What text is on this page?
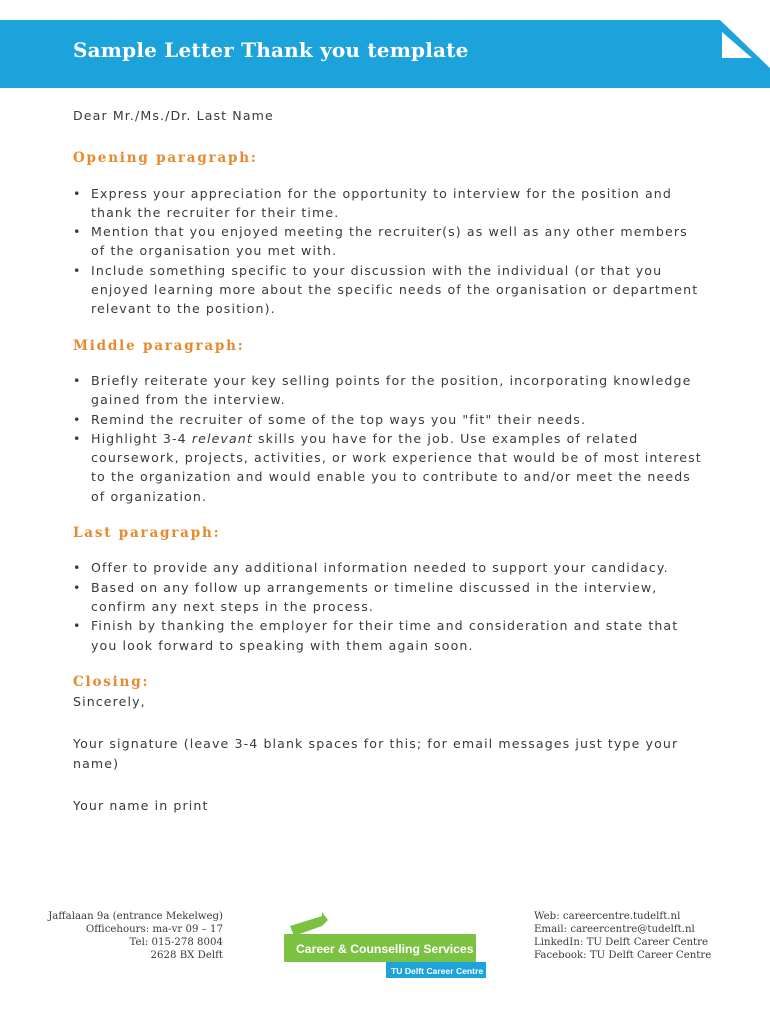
Sample Letter Thank you template

Dear Mr./Ms./Dr. Last Name

Opening paragraph:

• Express your appreciation for the opportunity to interview for the position and thank the recruiter for their time.
• Mention that you enjoyed meeting the recruiter(s) as well as any other members of the organisation you met with.
• Include something specific to your discussion with the individual (or that you enjoyed learning more about the specific needs of the organisation or department relevant to the position).

Middle paragraph:

• Briefly reiterate your key selling points for the position, incorporating knowledge gained from the interview.
• Remind the recruiter of some of the top ways you "fit" their needs.
• Highlight 3-4 relevant skills you have for the job. Use examples of related coursework, projects, activities, or work experience that would be of most interest to the organization and would enable you to contribute to and/or meet the needs of organization.

Last paragraph:

• Offer to provide any additional information needed to support your candidacy.
• Based on any follow up arrangements or timeline discussed in the interview, confirm any next steps in the process.
• Finish by thanking the employer for their time and consideration and state that you look forward to speaking with them again soon.

Closing:

Sincerely,

Your signature (leave 3-4 blank spaces for this; for email messages just type your name)

Your name in print

Jaffalaan 9a (entrance Mekelweg)
Officehours: ma-vr 09 – 17
Tel: 015-278 8004
2628 BX Delft	Career & Counselling Services
TU Delft Career Centre
Web: careercentre.tudelft.nl
Email: careercentre@tudelft.nl
LinkedIn: TU Delft Career Centre
Facebook: TU Delft Career Centre
